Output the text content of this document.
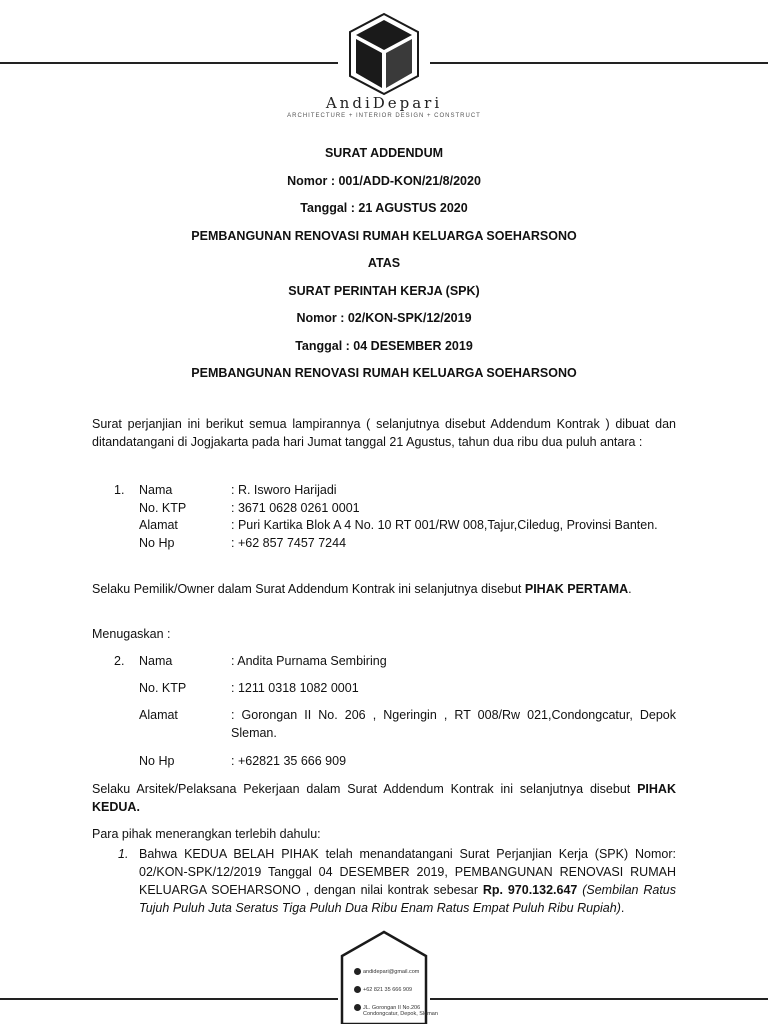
AndiDepari
ARCHITECTURE + INTERIOR DESIGN + CONSTRUCT
SURAT ADDENDUM
Nomor : 001/ADD-KON/21/8/2020
Tanggal : 21 AGUSTUS 2020
PEMBANGUNAN RENOVASI RUMAH KELUARGA SOEHARSONO
ATAS
SURAT PERINTAH KERJA (SPK)
Nomor : 02/KON-SPK/12/2019
Tanggal : 04 DESEMBER 2019
PEMBANGUNAN RENOVASI RUMAH KELUARGA SOEHARSONO
Surat perjanjian ini berikut semua lampirannya ( selanjutnya disebut Addendum Kontrak ) dibuat dan ditandatangani di Jogjakarta pada hari Jumat tanggal 21 Agustus, tahun dua ribu dua puluh antara :
1.	Nama	: R. Isworo Harijadi
No. KTP	: 3671 0628 0261 0001
Alamat	: Puri Kartika Blok A 4 No. 10 RT 001/RW 008,Tajur,Ciledug, Provinsi Banten.
No Hp	: +62 857 7457 7244
Selaku Pemilik/Owner dalam Surat Addendum Kontrak ini selanjutnya disebut PIHAK PERTAMA.
Menugaskan :
2.	Nama	: Andita Purnama Sembiring
No. KTP	: 1211 0318 1082 0001
Alamat	: Gorongan II No. 206 , Ngeringin , RT 008/Rw 021,Condongcatur, Depok Sleman.
No Hp	: +62821 35 666 909
Selaku Arsitek/Pelaksana Pekerjaan dalam Surat Addendum Kontrak ini selanjutnya disebut PIHAK KEDUA.
Para pihak menerangkan terlebih dahulu:
1. Bahwa KEDUA BELAH PIHAK telah menandatangani Surat Perjanjian Kerja (SPK) Nomor: 02/KON-SPK/12/2019 Tanggal 04 DESEMBER 2019, PEMBANGUNAN RENOVASI RUMAH KELUARGA SOEHARSONO , dengan nilai kontrak sebesar Rp. 970.132.647 (Sembilan Ratus Tujuh Puluh Juta Seratus Tiga Puluh Dua Ribu Enam Ratus Empat Puluh Ribu Rupiah).
andidepari@gmail.com
+62 821 35 666 909
JL. Gorongan II No.206
Condongcatur, Depok, Sleman
